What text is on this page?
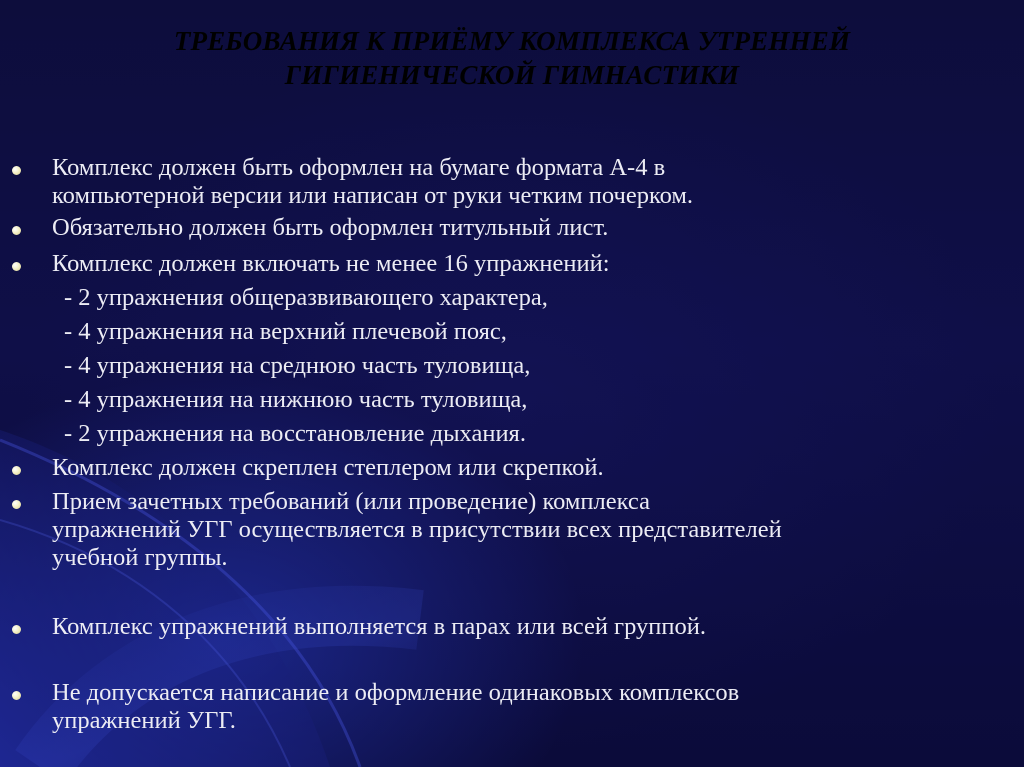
ТРЕБОВАНИЯ К ПРИЁМУ КОМПЛЕКСА УТРЕННЕЙ
ГИГИЕНИЧЕСКОЙ ГИМНАСТИКИ
Комплекс должен быть оформлен на бумаге формата А-4 в
компьютерной версии или написан от руки четким почерком.
Обязательно должен быть оформлен титульный лист.
Комплекс должен включать не менее 16 упражнений:
- 2 упражнения общеразвивающего характера,
- 4 упражнения на верхний плечевой пояс,
- 4 упражнения на среднюю часть туловища,
- 4 упражнения на нижнюю часть туловища,
- 2 упражнения на восстановление дыхания.
Комплекс должен скреплен степлером или скрепкой.
Прием зачетных требований (или проведение) комплекса
упражнений УГГ осуществляется в присутствии всех представителей
учебной группы.
Комплекс упражнений выполняется в парах или всей группой.
Не допускается написание и оформление одинаковых комплексов
упражнений УГГ.
